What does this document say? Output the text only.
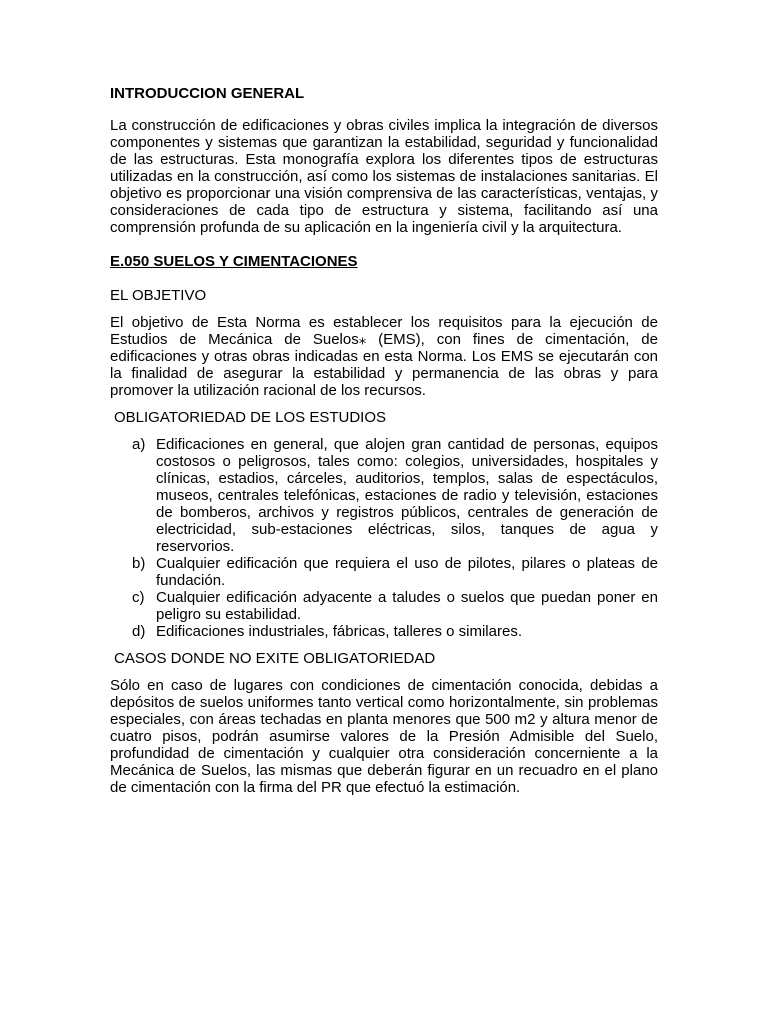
INTRODUCCION GENERAL

La construcción de edificaciones y obras civiles implica la integración de diversos componentes y sistemas que garantizan la estabilidad, seguridad y funcionalidad de las estructuras. Esta monografía explora los diferentes tipos de estructuras utilizadas en la construcción, así como los sistemas de instalaciones sanitarias. El objetivo es proporcionar una visión comprensiva de las características, ventajas, y consideraciones de cada tipo de estructura y sistema, facilitando así una comprensión profunda de su aplicación en la ingeniería civil y la arquitectura.

E.050 SUELOS Y CIMENTACIONES

EL OBJETIVO

El objetivo de Esta Norma es establecer los requisitos para la ejecución de Estudios de Mecánica de Suelos⁎ (EMS), con fines de cimentación, de edificaciones y otras obras indicadas en esta Norma. Los EMS se ejecutarán con la finalidad de asegurar la estabilidad y permanencia de las obras y para promover la utilización racional de los recursos.

OBLIGATORIEDAD DE LOS ESTUDIOS

a) Edificaciones en general, que alojen gran cantidad de personas, equipos costosos o peligrosos, tales como: colegios, universidades, hospitales y clínicas, estadios, cárceles, auditorios, templos, salas de espectáculos, museos, centrales telefónicas, estaciones de radio y televisión, estaciones de bomberos, archivos y registros públicos, centrales de generación de electricidad, sub-estaciones eléctricas, silos, tanques de agua y reservorios.
b) Cualquier edificación que requiera el uso de pilotes, pilares o plateas de fundación.
c) Cualquier edificación adyacente a taludes o suelos que puedan poner en peligro su estabilidad.
d) Edificaciones industriales, fábricas, talleres o similares.

CASOS DONDE NO EXITE OBLIGATORIEDAD

Sólo en caso de lugares con condiciones de cimentación conocida, debidas a depósitos de suelos uniformes tanto vertical como horizontalmente, sin problemas especiales, con áreas techadas en planta menores que 500 m2 y altura menor de cuatro pisos, podrán asumirse valores de la Presión Admisible del Suelo, profundidad de cimentación y cualquier otra consideración concerniente a la Mecánica de Suelos, las mismas que deberán figurar en un recuadro en el plano de cimentación con la firma del PR que efectuó la estimación.
